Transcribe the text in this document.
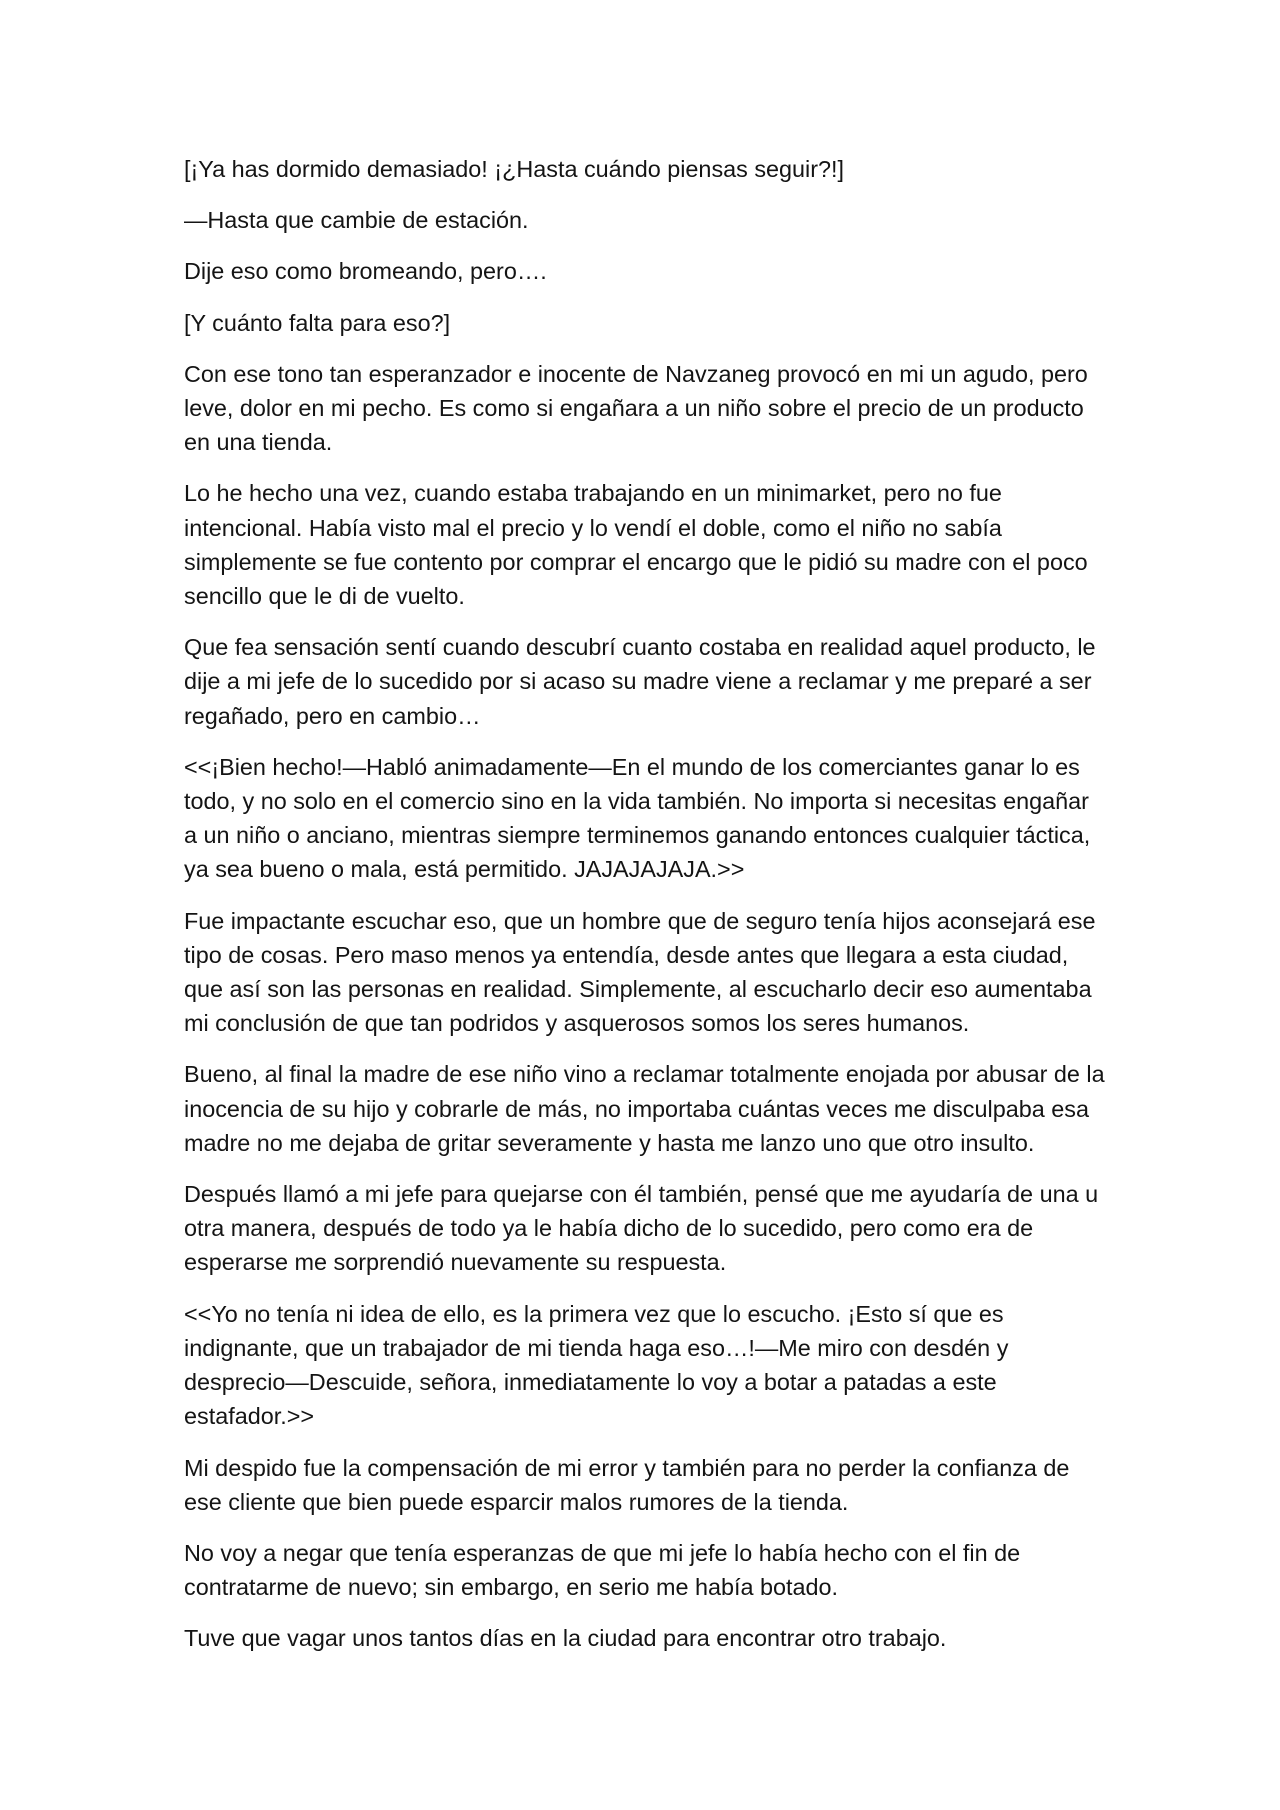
[¡Ya has dormido demasiado! ¡¿Hasta cuándo piensas seguir?!]

—Hasta que cambie de estación.

Dije eso como bromeando, pero….

[Y cuánto falta para eso?]

Con ese tono tan esperanzador e inocente de Navzaneg provocó en mi un agudo, pero leve, dolor en mi pecho. Es como si engañara a un niño sobre el precio de un producto en una tienda.

Lo he hecho una vez, cuando estaba trabajando en un minimarket, pero no fue intencional. Había visto mal el precio y lo vendí el doble, como el niño no sabía simplemente se fue contento por comprar el encargo que le pidió su madre con el poco sencillo que le di de vuelto.

Que fea sensación sentí cuando descubrí cuanto costaba en realidad aquel producto, le dije a mi jefe de lo sucedido por si acaso su madre viene a reclamar y me preparé a ser regañado, pero en cambio…

<<¡Bien hecho!—Habló animadamente—En el mundo de los comerciantes ganar lo es todo, y no solo en el comercio sino en la vida también. No importa si necesitas engañar a un niño o anciano, mientras siempre terminemos ganando entonces cualquier táctica, ya sea bueno o mala, está permitido. JAJAJAJAJA.>>

Fue impactante escuchar eso, que un hombre que de seguro tenía hijos aconsejará ese tipo de cosas. Pero maso menos ya entendía, desde antes que llegara a esta ciudad, que así son las personas en realidad. Simplemente, al escucharlo decir eso aumentaba mi conclusión de que tan podridos y asquerosos somos los seres humanos.

Bueno, al final la madre de ese niño vino a reclamar totalmente enojada por abusar de la inocencia de su hijo y cobrarle de más, no importaba cuántas veces me disculpaba esa madre no me dejaba de gritar severamente y hasta me lanzo uno que otro insulto.

Después llamó a mi jefe para quejarse con él también, pensé que me ayudaría de una u otra manera, después de todo ya le había dicho de lo sucedido, pero como era de esperarse me sorprendió nuevamente su respuesta.

<<Yo no tenía ni idea de ello, es la primera vez que lo escucho. ¡Esto sí que es indignante, que un trabajador de mi tienda haga eso…!—Me miro con desdén y desprecio—Descuide, señora, inmediatamente lo voy a botar a patadas a este estafador.>>

Mi despido fue la compensación de mi error y también para no perder la confianza de ese cliente que bien puede esparcir malos rumores de la tienda.

No voy a negar que tenía esperanzas de que mi jefe lo había hecho con el fin de contratarme de nuevo; sin embargo, en serio me había botado.

Tuve que vagar unos tantos días en la ciudad para encontrar otro trabajo.
